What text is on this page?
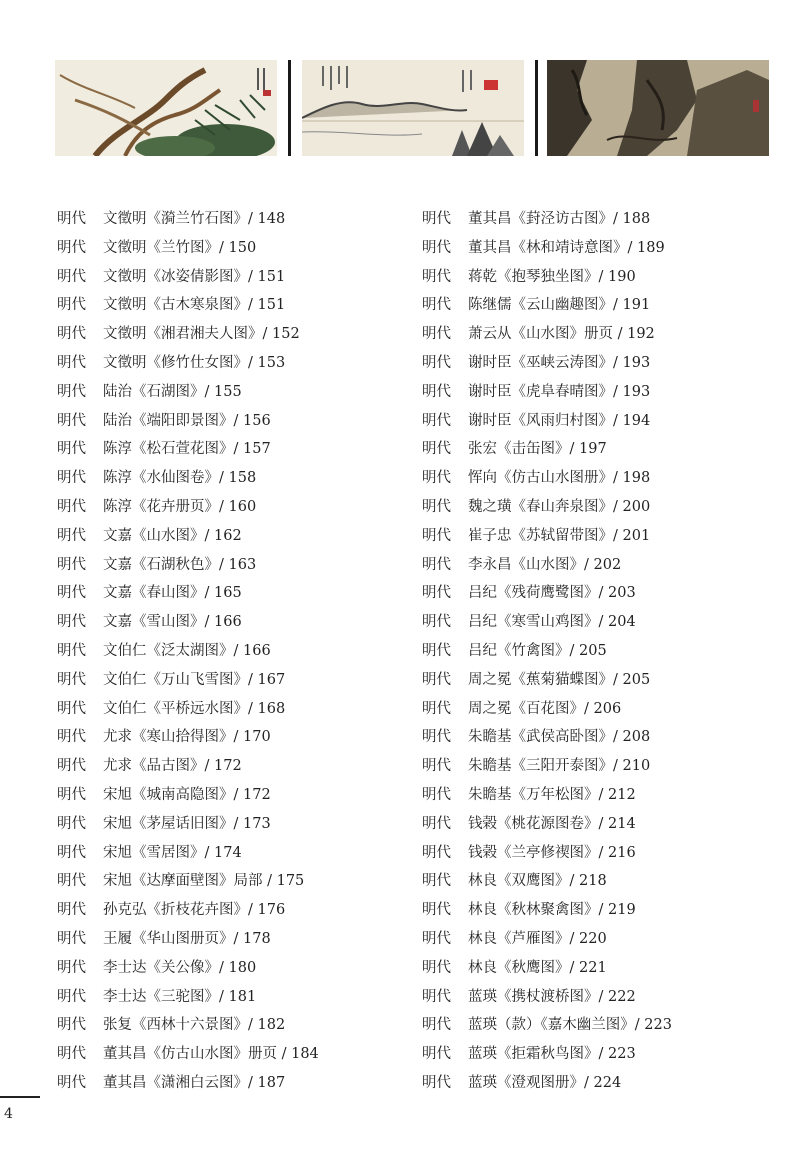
明代	文徵明《漪兰竹石图》/ 148
明代	文徵明《兰竹图》/ 150
明代	文徵明《冰姿倩影图》/ 151
明代	文徵明《古木寒泉图》/ 151
明代	文徵明《湘君湘夫人图》/ 152
明代	文徵明《修竹仕女图》/ 153
明代	陆治《石湖图》/ 155
明代	陆治《端阳即景图》/ 156
明代	陈淳《松石萱花图》/ 157
明代	陈淳《水仙图卷》/ 158
明代	陈淳《花卉册页》/ 160
明代	文嘉《山水图》/ 162
明代	文嘉《石湖秋色》/ 163
明代	文嘉《春山图》/ 165
明代	文嘉《雪山图》/ 166
明代	文伯仁《泛太湖图》/ 166
明代	文伯仁《万山飞雪图》/ 167
明代	文伯仁《平桥远水图》/ 168
明代	尤求《寒山拾得图》/ 170
明代	尤求《品古图》/ 172
明代	宋旭《城南高隐图》/ 172
明代	宋旭《茅屋话旧图》/ 173
明代	宋旭《雪居图》/ 174
明代	宋旭《达摩面壁图》局部 / 175
明代	孙克弘《折枝花卉图》/ 176
明代	王履《华山图册页》/ 178
明代	李士达《关公像》/ 180
明代	李士达《三驼图》/ 181
明代	张复《西林十六景图》/ 182
明代	董其昌《仿古山水图》册页 / 184
明代	董其昌《潇湘白云图》/ 187
明代	董其昌《葑泾访古图》/ 188
明代	董其昌《林和靖诗意图》/ 189
明代	蒋乾《抱琴独坐图》/ 190
明代	陈继儒《云山幽趣图》/ 191
明代	萧云从《山水图》册页 / 192
明代	谢时臣《巫峡云涛图》/ 193
明代	谢时臣《虎阜春晴图》/ 193
明代	谢时臣《风雨归村图》/ 194
明代	张宏《击缶图》/ 197
明代	恽向《仿古山水图册》/ 198
明代	魏之璜《春山奔泉图》/ 200
明代	崔子忠《苏轼留带图》/ 201
明代	李永昌《山水图》/ 202
明代	吕纪《残荷鹰鹭图》/ 203
明代	吕纪《寒雪山鸡图》/ 204
明代	吕纪《竹禽图》/ 205
明代	周之冕《蕉菊猫蝶图》/ 205
明代	周之冕《百花图》/ 206
明代	朱瞻基《武侯高卧图》/ 208
明代	朱瞻基《三阳开泰图》/ 210
明代	朱瞻基《万年松图》/ 212
明代	钱榖《桃花源图卷》/ 214
明代	钱榖《兰亭修禊图》/ 216
明代	林良《双鹰图》/ 218
明代	林良《秋林聚禽图》/ 219
明代	林良《芦雁图》/ 220
明代	林良《秋鹰图》/ 221
明代	蓝瑛《携杖渡桥图》/ 222
明代	蓝瑛（款）《嘉木幽兰图》/ 223
明代	蓝瑛《拒霜秋鸟图》/ 223
明代	蓝瑛《澄观图册》/ 224
4
